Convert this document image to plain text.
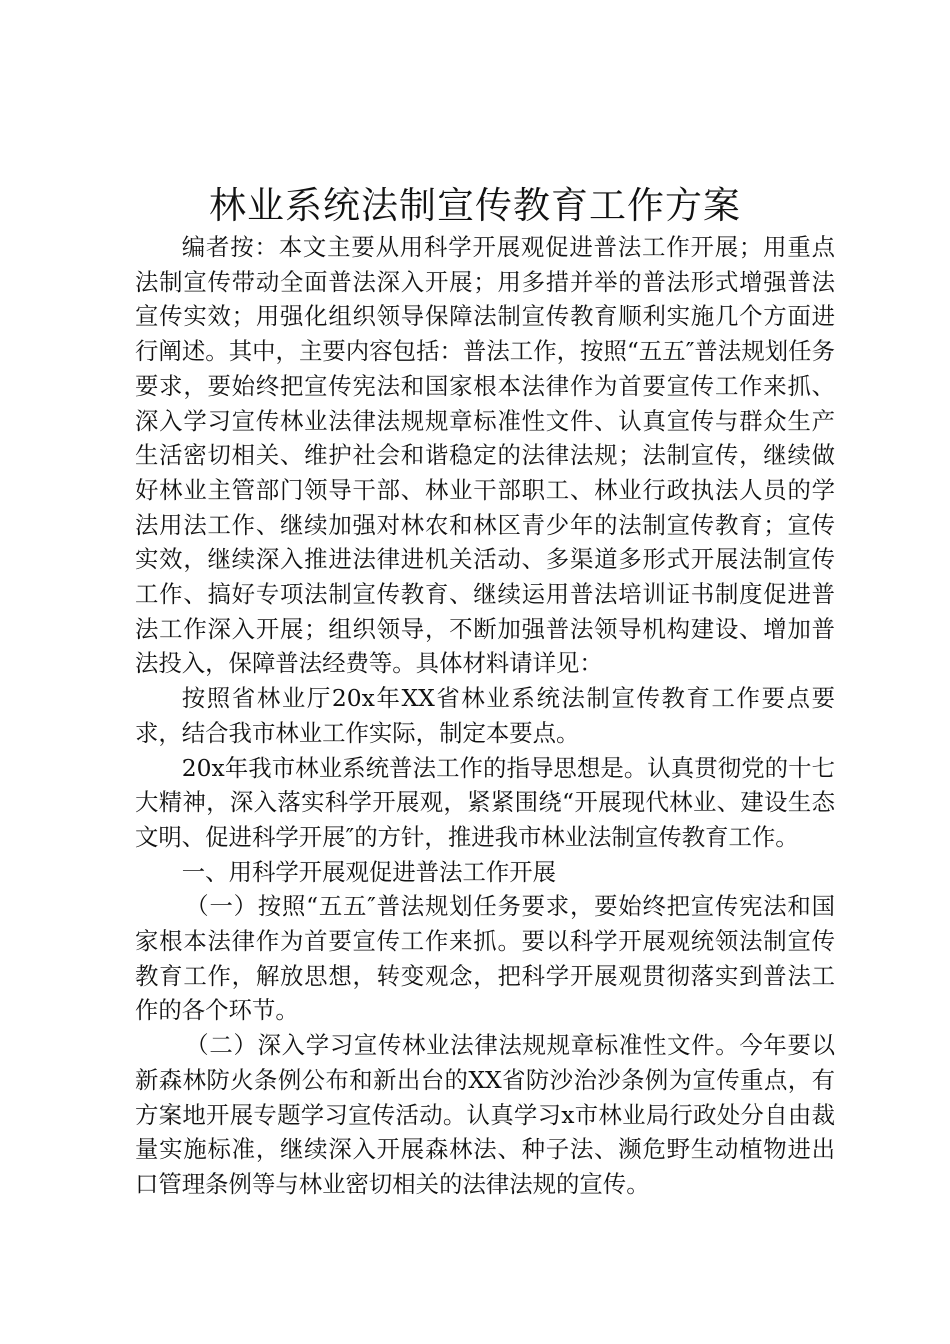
林业系统法制宣传教育工作方案

编者按：本文主要从用科学开展观促进普法工作开展；用重点法制宣传带动全面普法深入开展；用多措并举的普法形式增强普法宣传实效；用强化组织领导保障法制宣传教育顺利实施几个方面进行阐述。其中，主要内容包括：普法工作，按照“五五″普法规划任务要求，要始终把宣传宪法和国家根本法律作为首要宣传工作来抓、深入学习宣传林业法律法规规章标准性文件、认真宣传与群众生产生活密切相关、维护社会和谐稳定的法律法规；法制宣传，继续做好林业主管部门领导干部、林业干部职工、林业行政执法人员的学法用法工作、继续加强对林农和林区青少年的法制宣传教育；宣传实效，继续深入推进法律进机关活动、多渠道多形式开展法制宣传工作、搞好专项法制宣传教育、继续运用普法培训证书制度促进普法工作深入开展；组织领导，不断加强普法领导机构建设、增加普法投入，保障普法经费等。具体材料请详见：

按照省林业厅20x年XX省林业系统法制宣传教育工作要点要求，结合我市林业工作实际，制定本要点。

20x年我市林业系统普法工作的指导思想是。认真贯彻党的十七大精神，深入落实科学开展观，紧紧围绕“开展现代林业、建设生态文明、促进科学开展″的方针，推进我市林业法制宣传教育工作。

一、用科学开展观促进普法工作开展

（一）按照“五五″普法规划任务要求，要始终把宣传宪法和国家根本法律作为首要宣传工作来抓。要以科学开展观统领法制宣传教育工作，解放思想，转变观念，把科学开展观贯彻落实到普法工作的各个环节。

（二）深入学习宣传林业法律法规规章标准性文件。今年要以新森林防火条例公布和新出台的XX省防沙治沙条例为宣传重点，有方案地开展专题学习宣传活动。认真学习x市林业局行政处分自由裁量实施标准，继续深入开展森林法、种子法、濒危野生动植物进出口管理条例等与林业密切相关的法律法规的宣传。
